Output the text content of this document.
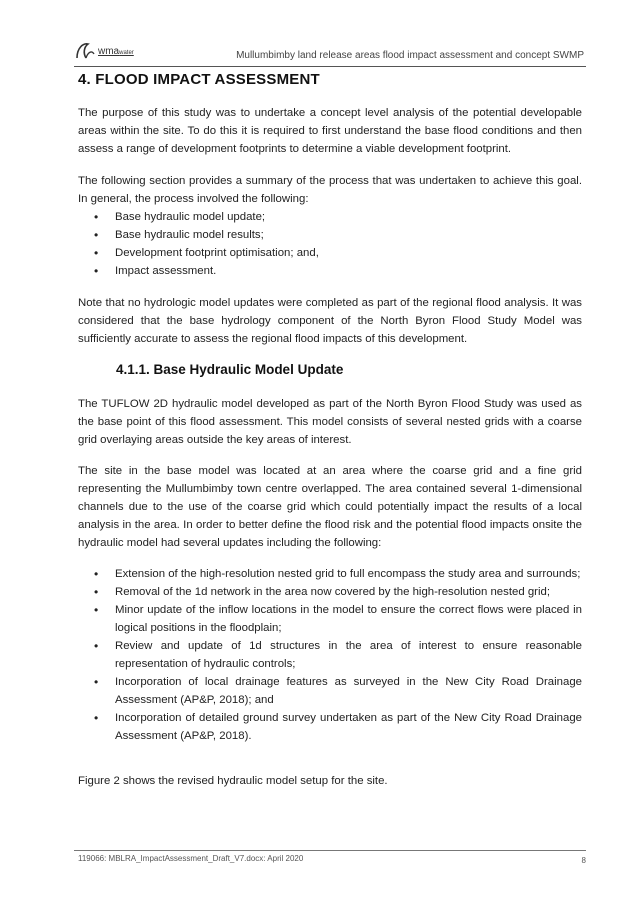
wmawater	Mullumbimby land release areas flood impact assessment and concept SWMP
4. FLOOD IMPACT ASSESSMENT

The purpose of this study was to undertake a concept level analysis of the potential developable areas within the site. To do this it is required to first understand the base flood conditions and then assess a range of development footprints to determine a viable development footprint.

The following section provides a summary of the process that was undertaken to achieve this goal. In general, the process involved the following:

• Base hydraulic model update;
• Base hydraulic model results;
• Development footprint optimisation; and,
• Impact assessment.

Note that no hydrologic model updates were completed as part of the regional flood analysis. It was considered that the base hydrology component of the North Byron Flood Study Model was sufficiently accurate to assess the regional flood impacts of this development.

4.1.1. Base Hydraulic Model Update

The TUFLOW 2D hydraulic model developed as part of the North Byron Flood Study was used as the base point of this flood assessment. This model consists of several nested grids with a coarse grid overlaying areas outside the key areas of interest.

The site in the base model was located at an area where the coarse grid and a fine grid representing the Mullumbimby town centre overlapped. The area contained several 1-dimensional channels due to the use of the coarse grid which could potentially impact the results of a local analysis in the area. In order to better define the flood risk and the potential flood impacts onsite the hydraulic model had several updates including the following:

• Extension of the high-resolution nested grid to full encompass the study area and surrounds;
• Removal of the 1d network in the area now covered by the high-resolution nested grid;
• Minor update of the inflow locations in the model to ensure the correct flows were placed in logical positions in the floodplain;
• Review and update of 1d structures in the area of interest to ensure reasonable representation of hydraulic controls;
• Incorporation of local drainage features as surveyed in the New City Road Drainage Assessment (AP&P, 2018); and
• Incorporation of detailed ground survey undertaken as part of the New City Road Drainage Assessment (AP&P, 2018).

Figure 2 shows the revised hydraulic model setup for the site.

119066: MBLRA_ImpactAssessment_Draft_V7.docx: April 2020	8
